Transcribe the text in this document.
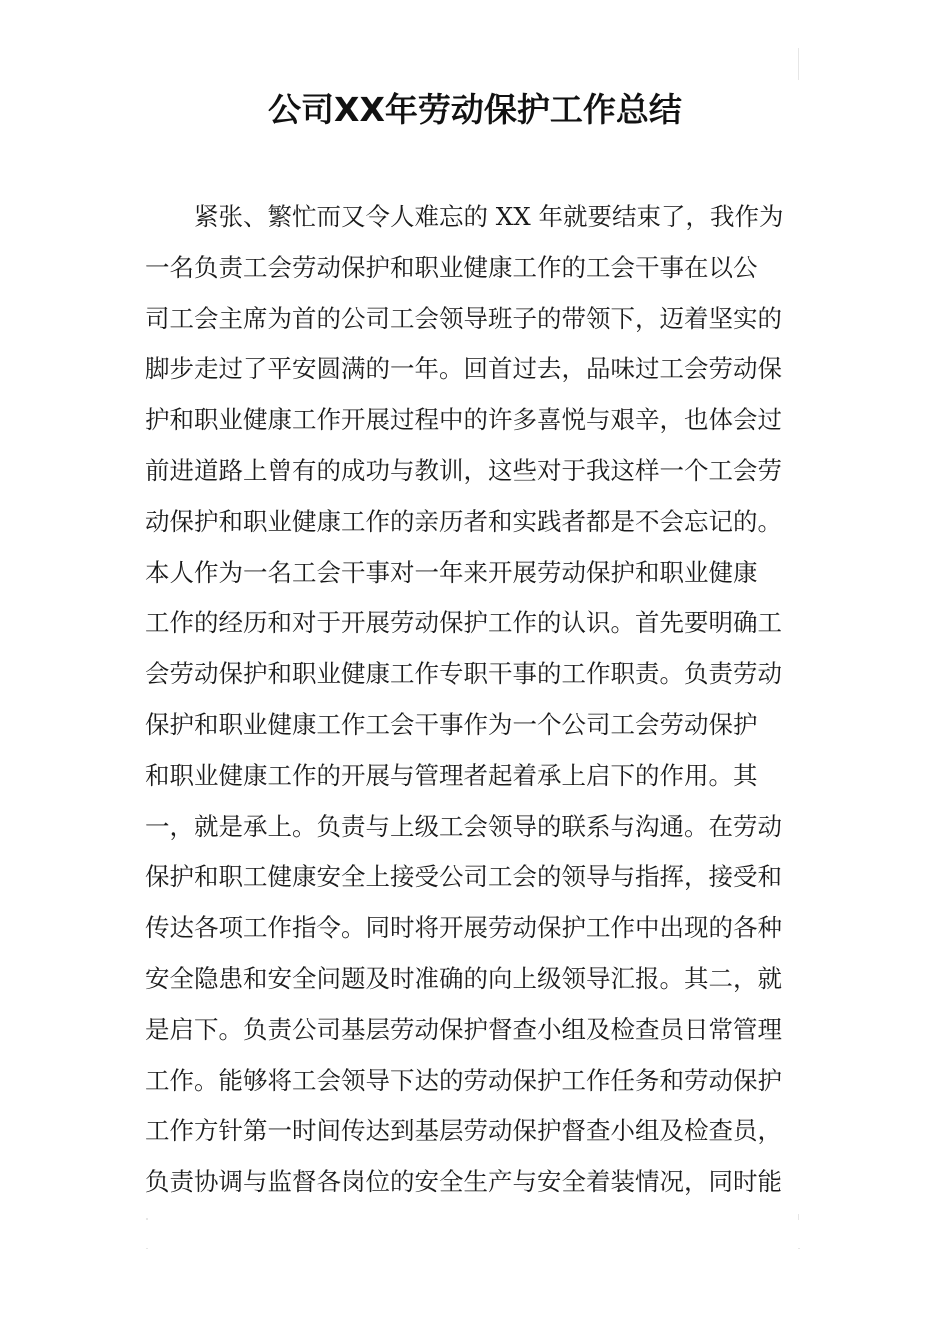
公司XX年劳动保护工作总结
　　紧张、繁忙而又令人难忘的 XX 年就要结束了，我作为
一名负责工会劳动保护和职业健康工作的工会干事在以公
司工会主席为首的公司工会领导班子的带领下，迈着坚实的
脚步走过了平安圆满的一年。回首过去，品味过工会劳动保
护和职业健康工作开展过程中的许多喜悦与艰辛，也体会过
前进道路上曾有的成功与教训，这些对于我这样一个工会劳
动保护和职业健康工作的亲历者和实践者都是不会忘记的。
本人作为一名工会干事对一年来开展劳动保护和职业健康
工作的经历和对于开展劳动保护工作的认识。首先要明确工
会劳动保护和职业健康工作专职干事的工作职责。负责劳动
保护和职业健康工作工会干事作为一个公司工会劳动保护
和职业健康工作的开展与管理者起着承上启下的作用。其
一，就是承上。负责与上级工会领导的联系与沟通。在劳动
保护和职工健康安全上接受公司工会的领导与指挥，接受和
传达各项工作指令。同时将开展劳动保护工作中出现的各种
安全隐患和安全问题及时准确的向上级领导汇报。其二，就
是启下。负责公司基层劳动保护督查小组及检查员日常管理
工作。能够将工会领导下达的劳动保护工作任务和劳动保护
工作方针第一时间传达到基层劳动保护督查小组及检查员，
负责协调与监督各岗位的安全生产与安全着装情况，同时能
